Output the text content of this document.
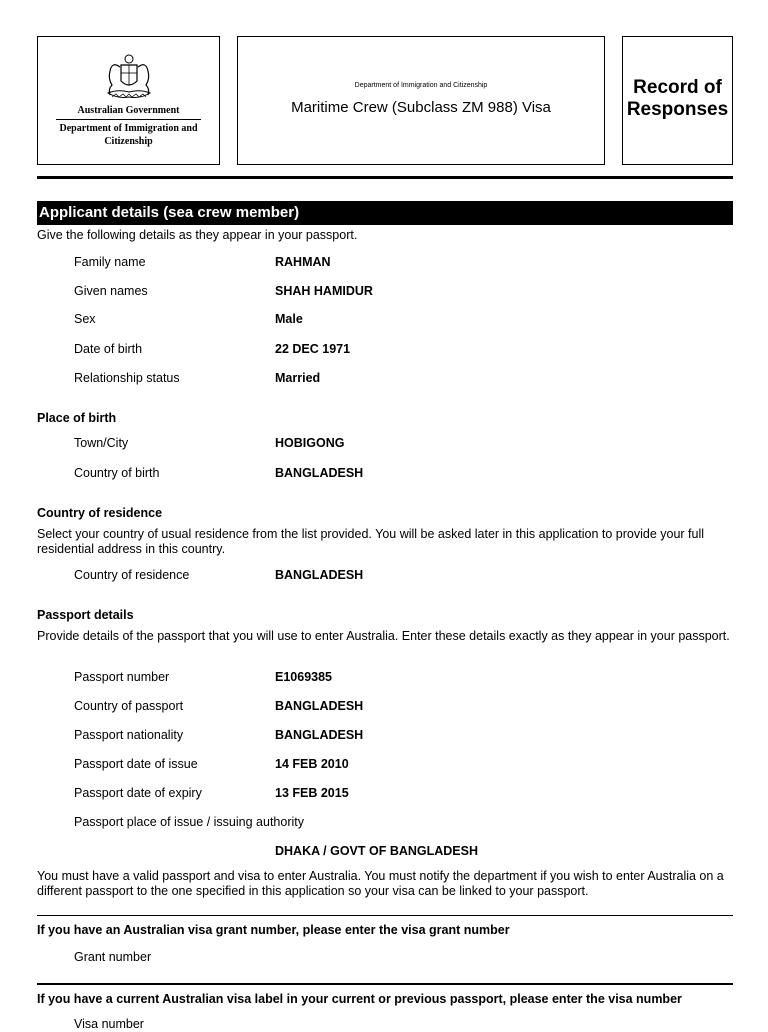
Australian Government
Department of Immigration and Citizenship
Department of Immigration and Citizenship
Maritime Crew (Subclass ZM 988) Visa
Record of Responses
Applicant details (sea crew member)
Give the following details as they appear in your passport.
Family name	RAHMAN
Given names	SHAH HAMIDUR
Sex	Male
Date of birth	22 DEC 1971
Relationship status	Married
Place of birth
Town/City	HOBIGONG
Country of birth	BANGLADESH
Country of residence
Select your country of usual residence from the list provided. You will be asked later in this application to provide your full residential address in this country.
Country of residence	BANGLADESH
Passport details
Provide details of the passport that you will use to enter Australia. Enter these details exactly as they appear in your passport.
Passport number	E1069385
Country of passport	BANGLADESH
Passport nationality	BANGLADESH
Passport date of issue	14 FEB 2010
Passport date of expiry	13 FEB 2015
Passport place of issue / issuing authority
DHAKA / GOVT OF BANGLADESH
You must have a valid passport and visa to enter Australia. You must notify the department if you wish to enter Australia on a different passport to the one specified in this application so your visa can be linked to your passport.
If you have an Australian visa grant number, please enter the visa grant number
Grant number
If you have a current Australian visa label in your current or previous passport, please enter the visa number
Visa number
